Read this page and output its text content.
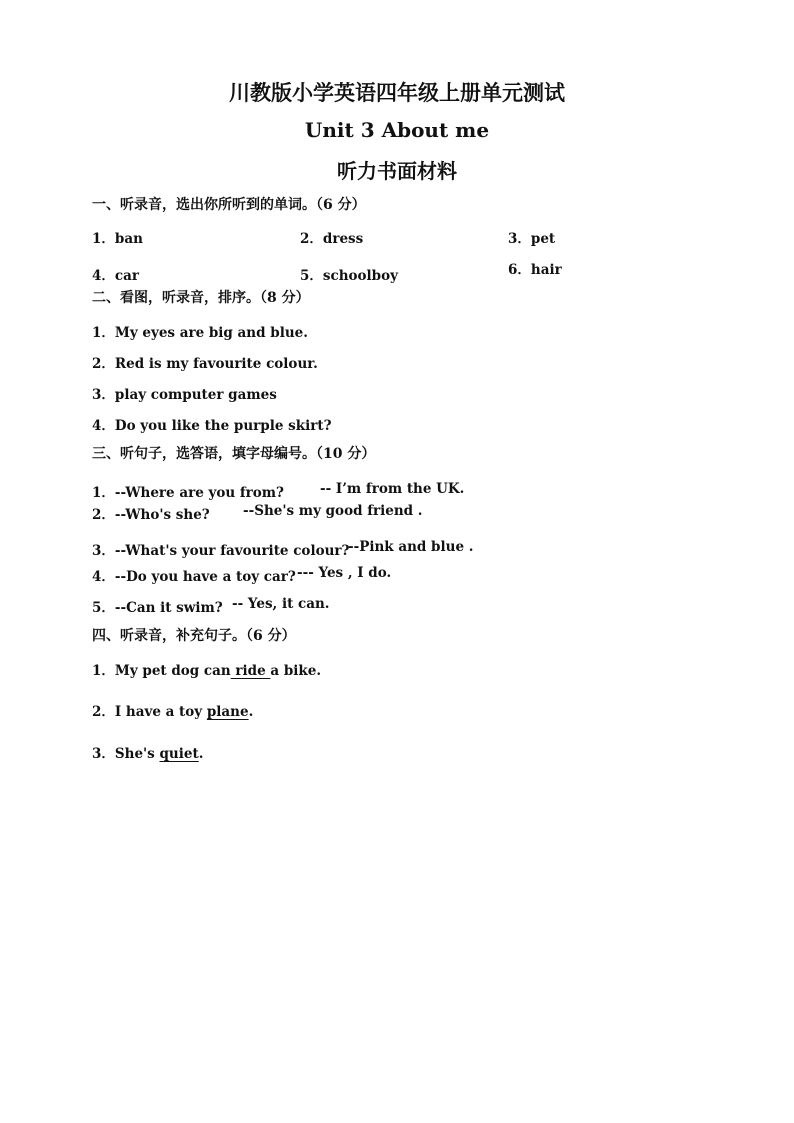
川教版小学英语四年级上册单元测试
Unit 3 About me
听力书面材料
一、听录音，选出你所听到的单词。（6 分）
1．ban	2．dress	3．pet
4．car	5．schoolboy	6．hair
二、看图，听录音，排序。（8 分）
1．My eyes are big and blue.
2．Red is my favourite colour.
3．play computer games
4．Do you like the purple skirt?
三、听句子，选答语，填字母编号。（10 分）
1．--Where are you from?	-- I’m from the UK.
2．--Who's she? --She's my good friend .
3．--What's your favourite colour?
--Pink and blue .
4．--Do you have a toy car? --- Yes , I do.
5．--Can it swim? -- Yes, it can.
四、听录音，补充句子。（6 分）
1．My pet dog can ride a bike.
2．I have a toy plane.
3．She's quiet.
